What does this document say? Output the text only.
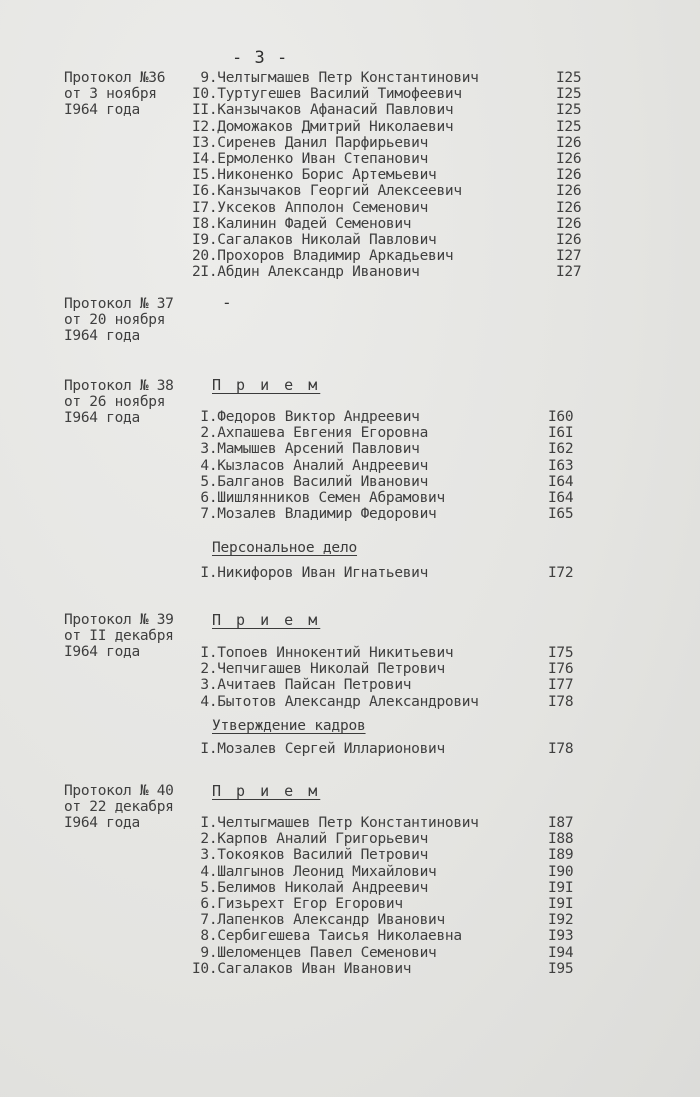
- 3 -
Протокол №36
от 3 ноября
I964 года
9.Челтыгмашев Петр Константинович	I25
I0.Туртугешев Василий Тимофеевич	I25
II.Канзычаков Афанасий Павлович	I25
I2.Доможаков Дмитрий Николаевич	I25
I3.Сиренев Данил Парфирьевич	I26
I4.Ермоленко Иван Степанович	I26
I5.Никоненко Борис Артемьевич	I26
I6.Канзычаков Георгий Алексеевич	I26
I7.Уксеков Апполон Семенович	I26
I8.Калинин Фадей Семенович	I26
I9.Сагалаков Николай Павлович	I26
20.Прохоров Владимир Аркадьевич	I27
2I.Абдин Александр Иванович	I27
Протокол № 37
от 20 ноября
I964 года
-
Протокол № 38
от 26 ноября
I964 года
П р и е м
I.Федоров Виктор Андреевич	I60
2.Ахпашева Евгения Егоровна	I6I
3.Мамышев Арсений Павлович	I62
4.Кызласов Аналий Андреевич	I63
5.Балганов Василий Иванович	I64
6.Шишлянников Семен Абрамович	I64
7.Мозалев Владимир Федорович	I65
Персональное дело
I.Никифоров Иван Игнатьевич	I72
Протокол № 39
от II декабря
I964 года
П р и е м
I.Топоев Иннокентий Никитьевич	I75
2.Чепчигашев Николай Петрович	I76
3.Ачитаев Пайсан Петрович	I77
4.Бытотов Александр Александрович	I78
Утверждение кадров
I.Мозалев Сергей Илларионович	I78
Протокол № 40
от 22 декабря
I964 года
П р и е м
I.Челтыгмашев Петр Константинович	I87
2.Карпов Аналий Григорьевич	I88
3.Токояков Василий Петрович	I89
4.Шалгынов Леонид Михайлович	I90
5.Белимов Николай Андреевич	I9I
6.Гизьрехт Егор Егорович	I9I
7.Лапенков Александр Иванович	I92
8.Сербигешева Таисья Николаевна	I93
9.Шеломенцев Павел Семенович	I94
I0.Сагалаков Иван Иванович	I95
